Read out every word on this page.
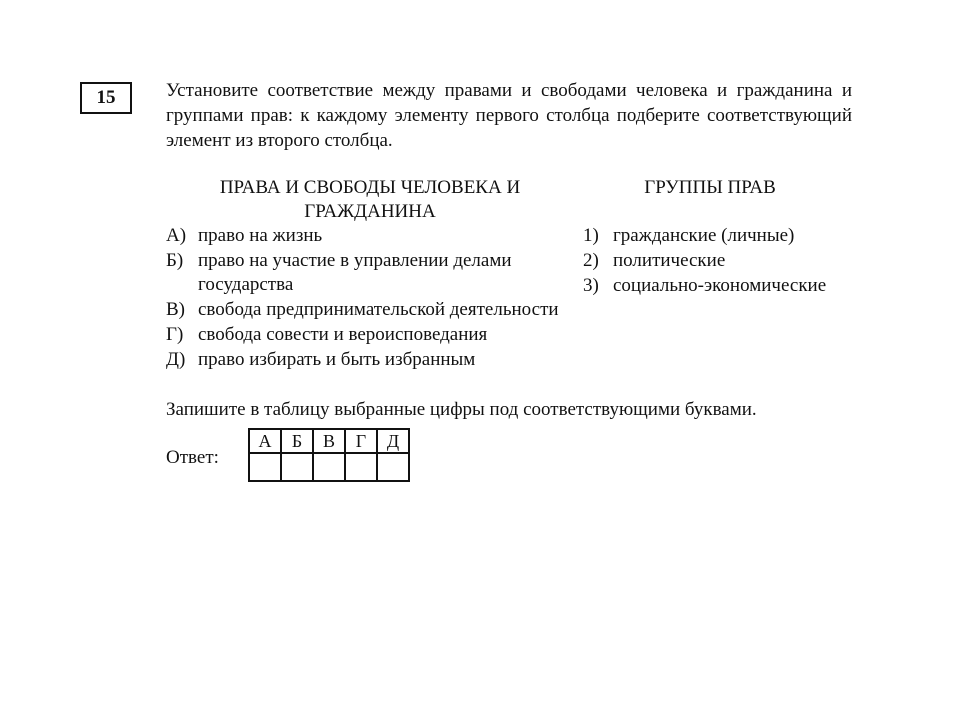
15	Установите соответствие между правами и свободами человека и гражданина и группами прав: к каждому элементу первого столбца подберите соответствующий элемент из второго столбца.
ПРАВА И СВОБОДЫ ЧЕЛОВЕКА И ГРАЖДАНИНА
ГРУППЫ ПРАВ
А) право на жизнь
Б) право на участие в управлении делами государства
В) свобода предпринимательской деятельности
Г) свобода совести и вероисповедания
Д) право избирать и быть избранным
1) гражданские (личные)
2) политические
3) социально-экономические
Запишите в таблицу выбранные цифры под соответствующими буквами.
Ответ:
А	Б	В	Г	Д
